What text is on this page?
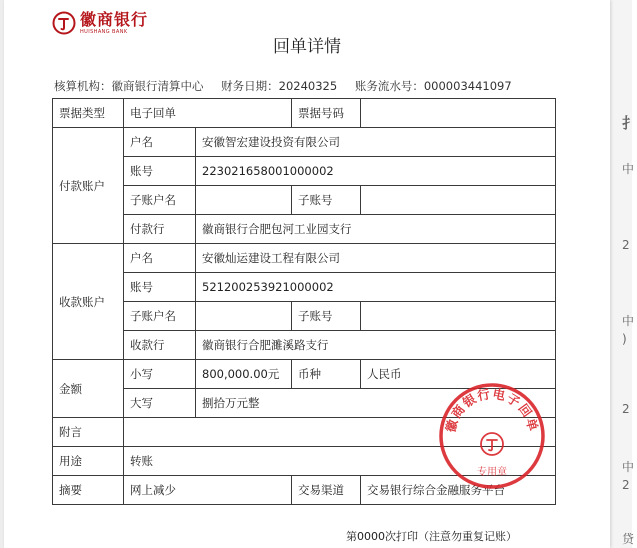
扌
中
2
中
)
2
中
2
贷
徽商银行
HUISHANG BANK
回单详情
核算机构：徽商银行清算中心 财务日期：20240325 账务流水号：000003441097
票据类型	电子回单		票据号码	
付款账户	户名	安徽智宏建设投资有限公司		
	账号	223021658001000002		
	子账户名		子账号	
	付款行	徽商银行合肥包河工业园支行		
收款账户	户名	安徽灿运建设工程有限公司		
	账号	521200253921000002		
	子账户名		子账号	
	收款行	徽商银行合肥濉溪路支行		
金额	小写	800,000.00元	币种	人民币
	大写	捌拾万元整		
附言				
用途	转账			
摘要	网上减少		交易渠道	交易银行综合金融服务平台
徽商银行电子回单
专用章
第0000次打印（注意勿重复记账）
